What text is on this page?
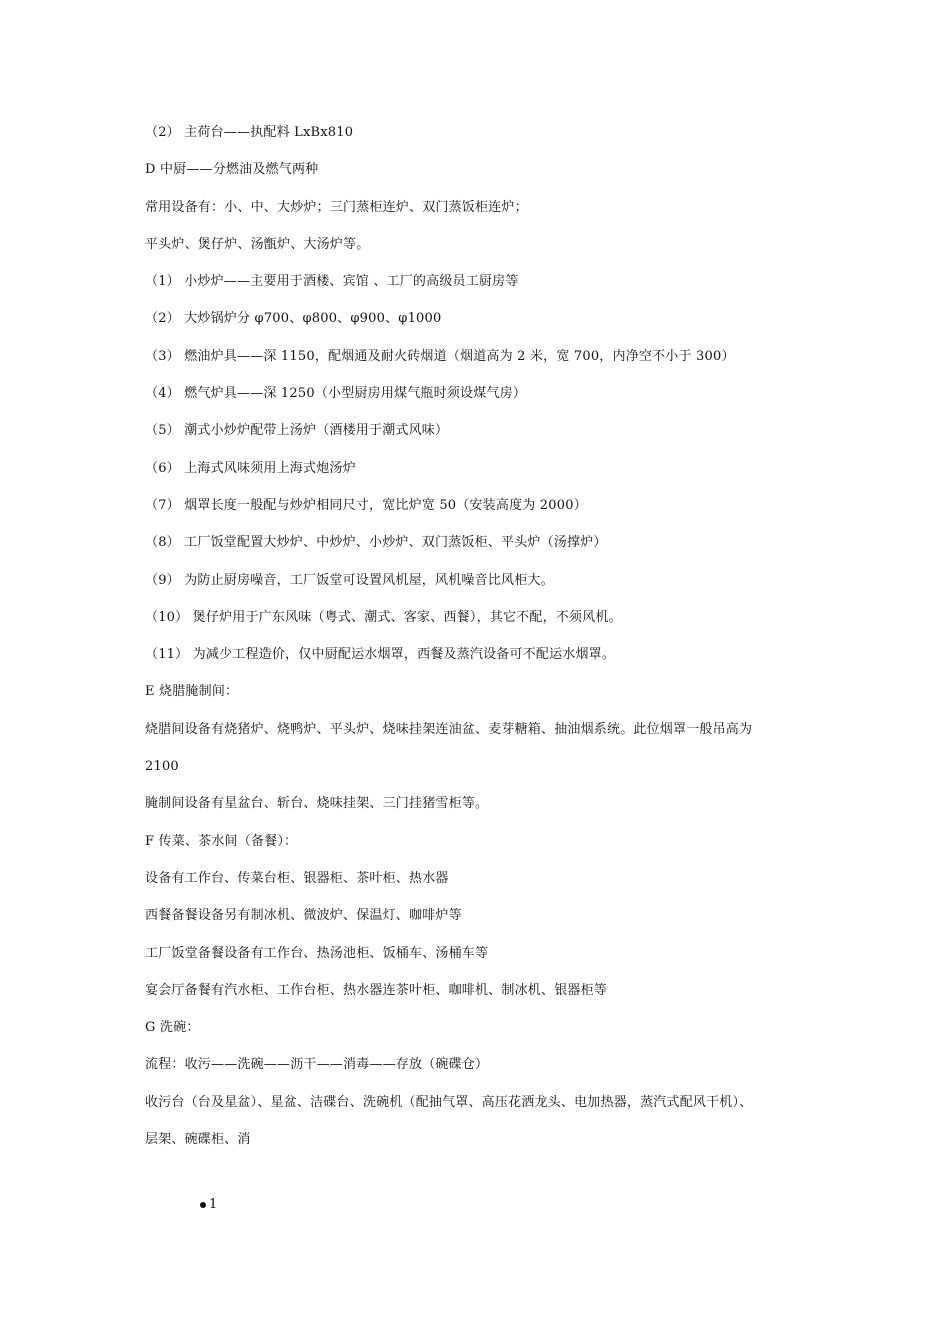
（2） 主荷台——执配料 LxBx810
D 中厨——分燃油及燃气两种
常用设备有：小、中、大炒炉；三门蒸柜连炉、双门蒸饭柜连炉；
平头炉、煲仔炉、汤甑炉、大汤炉等。
（1） 小炒炉——主要用于酒楼、宾馆 、工厂的高级员工厨房等
（2） 大炒锅炉分 φ700、φ800、φ900、φ1000
（3） 燃油炉具——深 1150，配烟通及耐火砖烟道（烟道高为 2 米，宽 700，内净空不小于 300）
（4） 燃气炉具——深 1250（小型厨房用煤气瓶时须设煤气房）
（5） 潮式小炒炉配带上汤炉（酒楼用于潮式风味）
（6） 上海式风味须用上海式炮汤炉
（7） 烟罩长度一般配与炒炉相同尺寸，宽比炉宽 50（安装高度为 2000）
（8） 工厂饭堂配置大炒炉、中炒炉、小炒炉、双门蒸饭柜、平头炉（汤撑炉）
（9） 为防止厨房噪音，工厂饭堂可设置风机屋，风机噪音比风柜大。
（10） 煲仔炉用于广东风味（粤式、潮式、客家、西餐），其它不配，不须风机。
（11） 为减少工程造价，仅中厨配运水烟罩，西餐及蒸汽设备可不配运水烟罩。
E 烧腊腌制间：
烧腊间设备有烧猪炉、烧鸭炉、平头炉、烧味挂架连油盆、麦芽糖箱、抽油烟系统。此位烟罩一般吊高为
2100
腌制间设备有星盆台、斩台、烧味挂架、三门挂猪雪柜等。
F 传菜、茶水间（备餐）：
设备有工作台、传菜台柜、银器柜、茶叶柜、热水器
西餐备餐设备另有制冰机、微波炉、保温灯、咖啡炉等
工厂饭堂备餐设备有工作台、热汤池柜、饭桶车、汤桶车等
宴会厅备餐有汽水柜、工作台柜、热水器连茶叶柜、咖啡机、制冰机、银器柜等
G 洗碗：
流程：收污——洗碗——沥干——消毒——存放（碗碟仓）
收污台（台及星盆）、星盆、洁碟台、洗碗机（配抽气罩、高压花洒龙头、电加热器，蒸汽式配风干机）、
层架、碗碟柜、消
1
